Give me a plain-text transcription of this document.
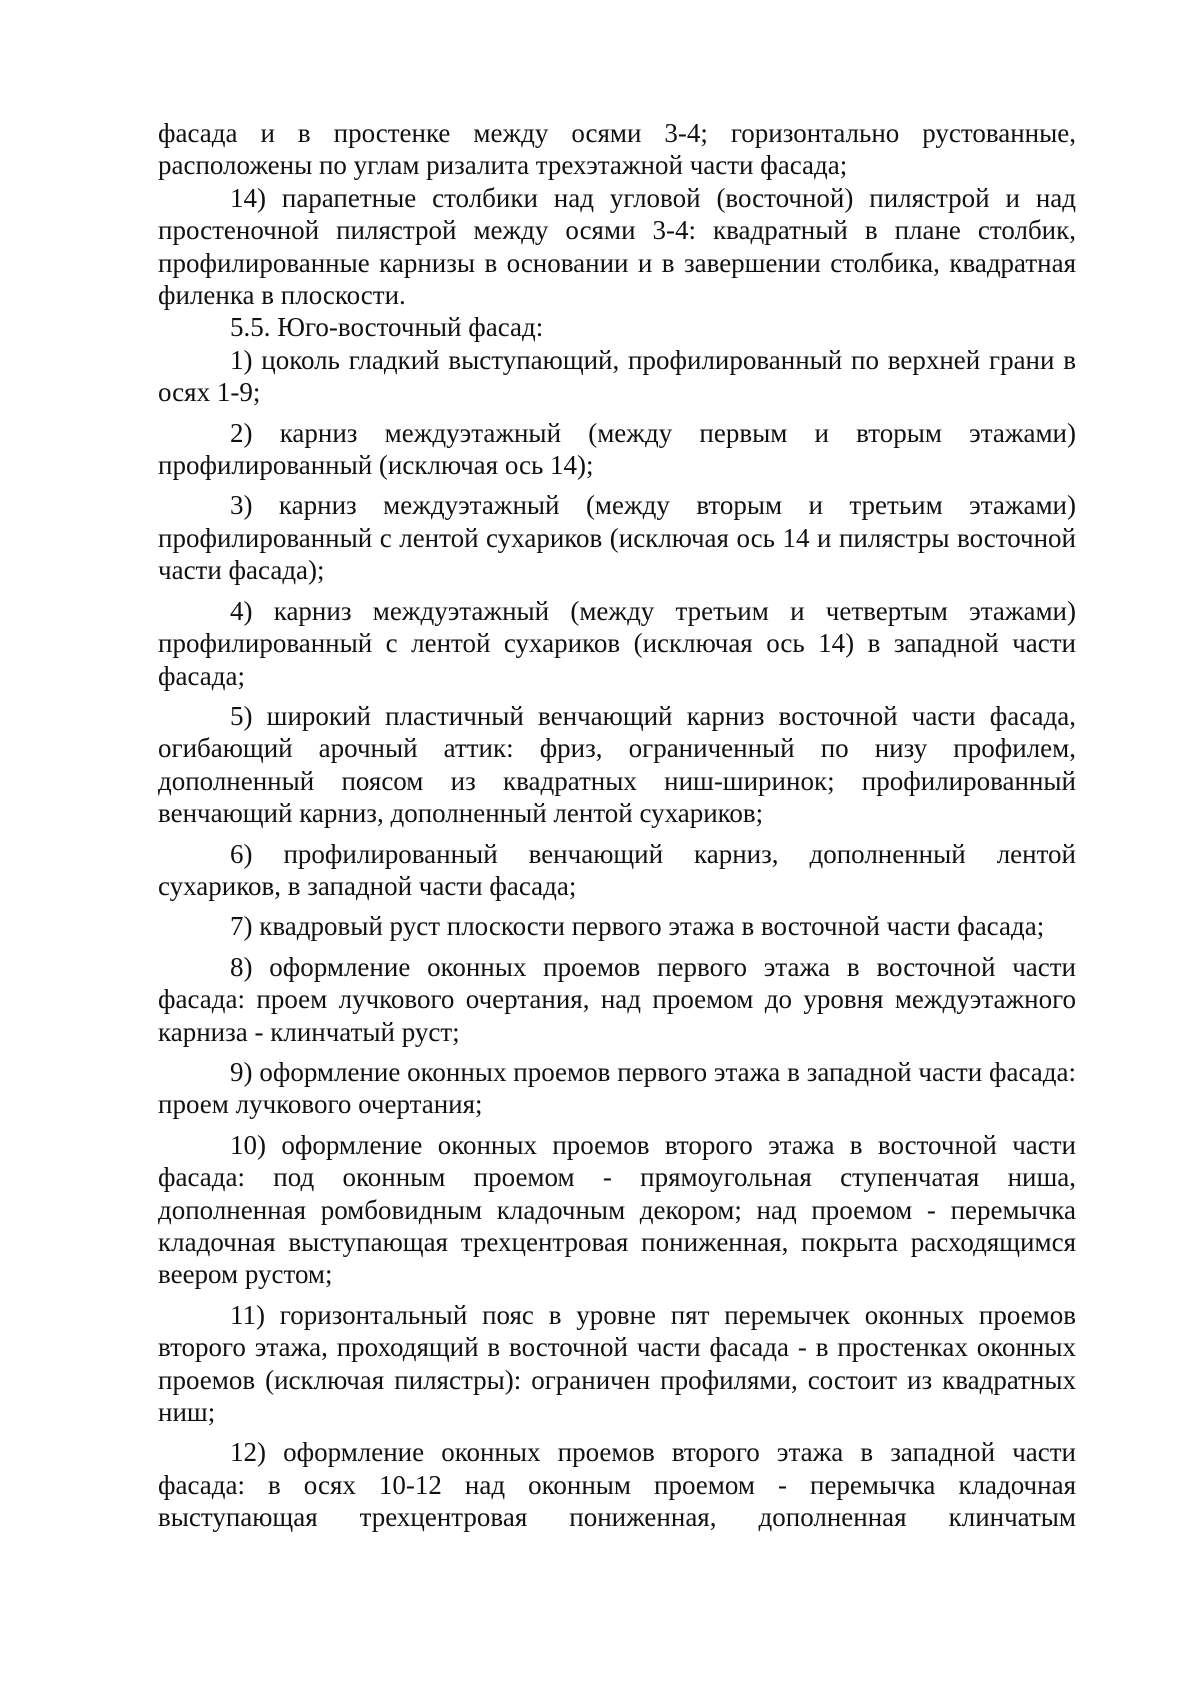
фасада и в простенке между осями 3-4; горизонтально рустованные, расположены по углам ризалита трехэтажной части фасада;

14) парапетные столбики над угловой (восточной) пилястрой и над простеночной пилястрой между осями 3-4: квадратный в плане столбик, профилированные карнизы в основании и в завершении столбика, квадратная филенка в плоскости.

5.5. Юго-восточный фасад:

1) цоколь гладкий выступающий, профилированный по верхней грани в осях 1-9;

2) карниз междуэтажный (между первым и вторым этажами) профилированный (исключая ось 14);

3) карниз междуэтажный (между вторым и третьим этажами) профилированный с лентой сухариков (исключая ось 14 и пилястры восточной части фасада);

4) карниз междуэтажный (между третьим и четвертым этажами) профилированный с лентой сухариков (исключая ось 14) в западной части фасада;

5) широкий пластичный венчающий карниз восточной части фасада, огибающий арочный аттик: фриз, ограниченный по низу профилем, дополненный поясом из квадратных ниш-ширинок; профилированный венчающий карниз, дополненный лентой сухариков;

6) профилированный венчающий карниз, дополненный лентой сухариков, в западной части фасада;

7) квадровый руст плоскости первого этажа в восточной части фасада;

8) оформление оконных проемов первого этажа в восточной части фасада: проем лучкового очертания, над проемом до уровня междуэтажного карниза - клинчатый руст;

9) оформление оконных проемов первого этажа в западной части фасада: проем лучкового очертания;

10) оформление оконных проемов второго этажа в восточной части фасада: под оконным проемом - прямоугольная ступенчатая ниша, дополненная ромбовидным кладочным декором; над проемом - перемычка кладочная выступающая трехцентровая пониженная, покрыта расходящимся веером рустом;

11) горизонтальный пояс в уровне пят перемычек оконных проемов второго этажа, проходящий в восточной части фасада - в простенках оконных проемов (исключая пилястры): ограничен профилями, состоит из квадратных ниш;

12) оформление оконных проемов второго этажа в западной части фасада: в осях 10-12 над оконным проемом - перемычка кладочная выступающая трехцентровая пониженная, дополненная клинчатым
